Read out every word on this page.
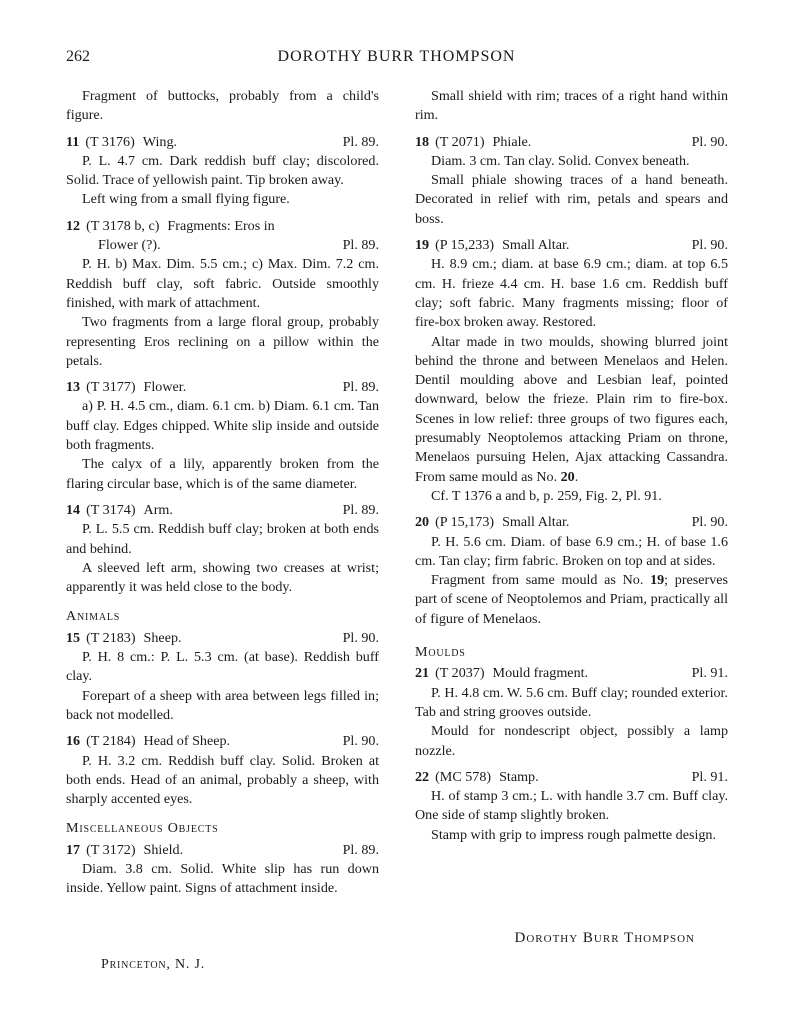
262	DOROTHY BURR THOMPSON

Fragment of buttocks, probably from a child's figure.

11 (T 3176) Wing.	Pl. 89.

P. L. 4.7 cm. Dark reddish buff clay; discolored. Solid. Trace of yellowish paint. Tip broken away.

Left wing from a small flying figure.

12 (T 3178 b, c) Fragments: Eros in
Flower (?).	Pl. 89.

P. H. b) Max. Dim. 5.5 cm.; c) Max. Dim. 7.2 cm. Reddish buff clay, soft fabric. Outside smoothly finished, with mark of attachment.

Two fragments from a large floral group, probably representing Eros reclining on a pillow within the petals.

13 (T 3177) Flower.	Pl. 89.

a) P. H. 4.5 cm., diam. 6.1 cm. b) Diam. 6.1 cm. Tan buff clay. Edges chipped. White slip inside and outside both fragments.

The calyx of a lily, apparently broken from the flaring circular base, which is of the same diameter.

14 (T 3174) Arm.	Pl. 89.

P. L. 5.5 cm. Reddish buff clay; broken at both ends and behind.

A sleeved left arm, showing two creases at wrist; apparently it was held close to the body.

Animals
15 (T 2183) Sheep.	Pl. 90.

P. H. 8 cm.: P. L. 5.3 cm. (at base). Reddish buff clay.

Forepart of a sheep with area between legs filled in; back not modelled.

16 (T 2184) Head of Sheep.	Pl. 90.

P. H. 3.2 cm. Reddish buff clay. Solid. Broken at both ends. Head of an animal, probably a sheep, with sharply accented eyes.

Miscellaneous Objects
17 (T 3172) Shield.	Pl. 89.

Diam. 3.8 cm. Solid. White slip has run down inside. Yellow paint. Signs of attachment inside.

Small shield with rim; traces of a right hand within rim.

18 (T 2071) Phiale.	Pl. 90.

Diam. 3 cm. Tan clay. Solid. Convex beneath.

Small phiale showing traces of a hand beneath. Decorated in relief with rim, petals and spears and boss.

19 (P 15,233) Small Altar.	Pl. 90.

H. 8.9 cm.; diam. at base 6.9 cm.; diam. at top 6.5 cm. H. frieze 4.4 cm. H. base 1.6 cm. Reddish buff clay; soft fabric. Many fragments missing; floor of fire-box broken away. Restored.

Altar made in two moulds, showing blurred joint behind the throne and between Menelaos and Helen. Dentil moulding above and Lesbian leaf, pointed downward, below the frieze. Plain rim to fire-box. Scenes in low relief: three groups of two figures each, presumably Neoptolemos attacking Priam on throne, Menelaos pursuing Helen, Ajax attacking Cassandra. From same mould as No. 20.

Cf. T 1376 a and b, p. 259, Fig. 2, Pl. 91.

20 (P 15,173) Small Altar.	Pl. 90.

P. H. 5.6 cm. Diam. of base 6.9 cm.; H. of base 1.6 cm. Tan clay; firm fabric. Broken on top and at sides.

Fragment from same mould as No. 19; preserves part of scene of Neoptolemos and Priam, practically all of figure of Menelaos.

Moulds
21 (T 2037) Mould fragment.	Pl. 91.

P. H. 4.8 cm. W. 5.6 cm. Buff clay; rounded exterior. Tab and string grooves outside.

Mould for nondescript object, possibly a lamp nozzle.

22 (MC 578) Stamp.	Pl. 91.

H. of stamp 3 cm.; L. with handle 3.7 cm. Buff clay. One side of stamp slightly broken.

Stamp with grip to impress rough palmette design.

Dorothy Burr Thompson
Princeton, N. J.
